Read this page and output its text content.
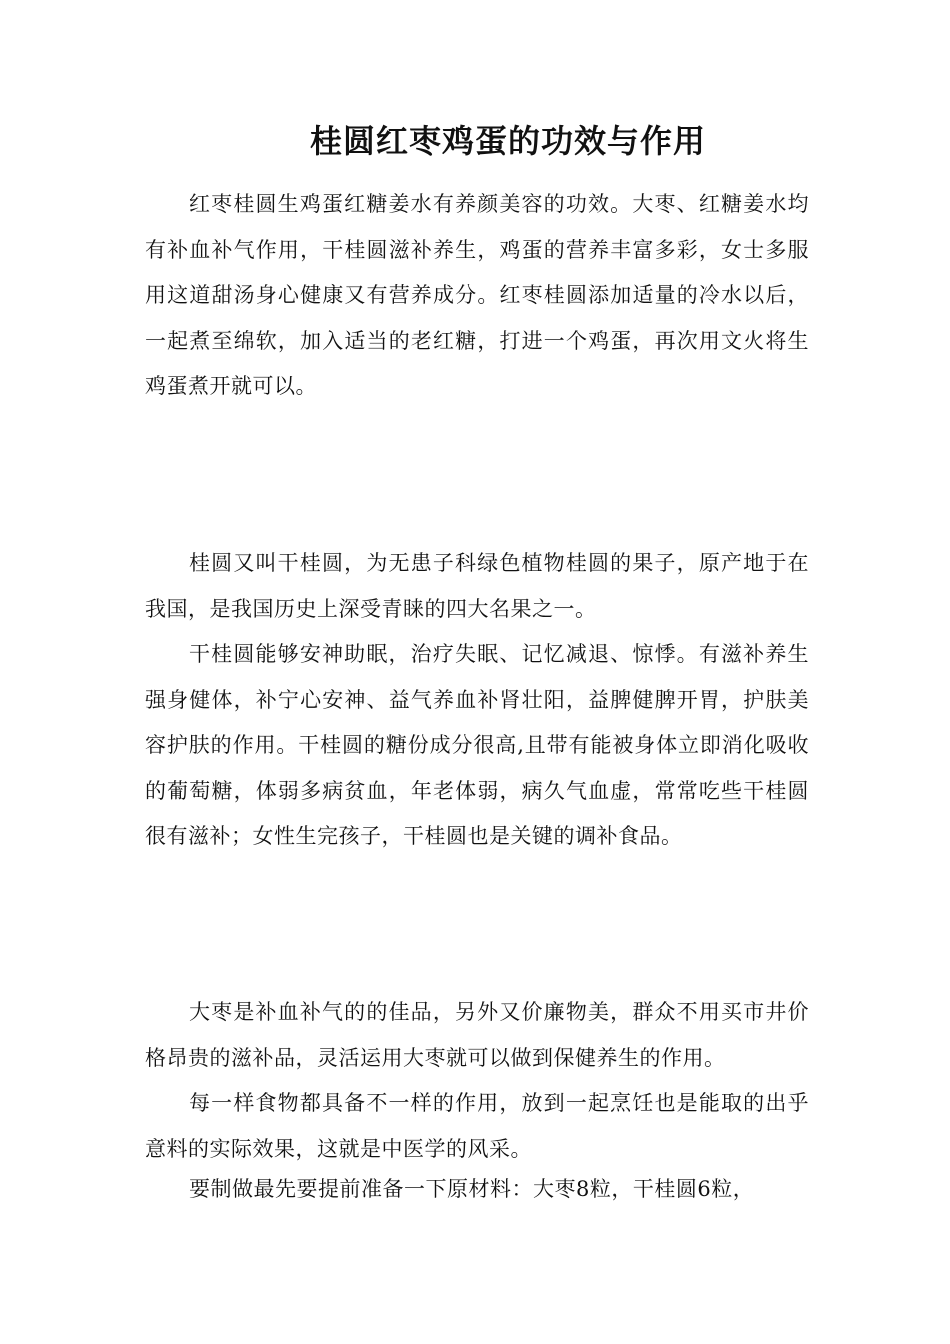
桂圆红枣鸡蛋的功效与作用

红枣桂圆生鸡蛋红糖姜水有养颜美容的功效。大枣、红糖姜水均有补血补气作用，干桂圆滋补养生，鸡蛋的营养丰富多彩，女士多服用这道甜汤身心健康又有营养成分。红枣桂圆添加适量的冷水以后，一起煮至绵软，加入适当的老红糖，打进一个鸡蛋，再次用文火将生鸡蛋煮开就可以。

桂圆又叫干桂圆，为无患子科绿色植物桂圆的果子，原产地于在我国，是我国历史上深受青睐的四大名果之一。

干桂圆能够安神助眠，治疗失眠、记忆减退、惊悸。有滋补养生强身健体，补宁心安神、益气养血补肾壮阳，益脾健脾开胃，护肤美容护肤的作用。干桂圆的糖份成分很高,且带有能被身体立即消化吸收的葡萄糖，体弱多病贫血，年老体弱，病久气血虚，常常吃些干桂圆很有滋补；女性生完孩子，干桂圆也是关键的调补食品。

大枣是补血补气的的佳品，另外又价廉物美，群众不用买市井价格昂贵的滋补品，灵活运用大枣就可以做到保健养生的作用。

每一样食物都具备不一样的作用，放到一起烹饪也是能取的出乎意料的实际效果，这就是中医学的风采。

要制做最先要提前准备一下原材料：大枣8粒，干桂圆6粒，
